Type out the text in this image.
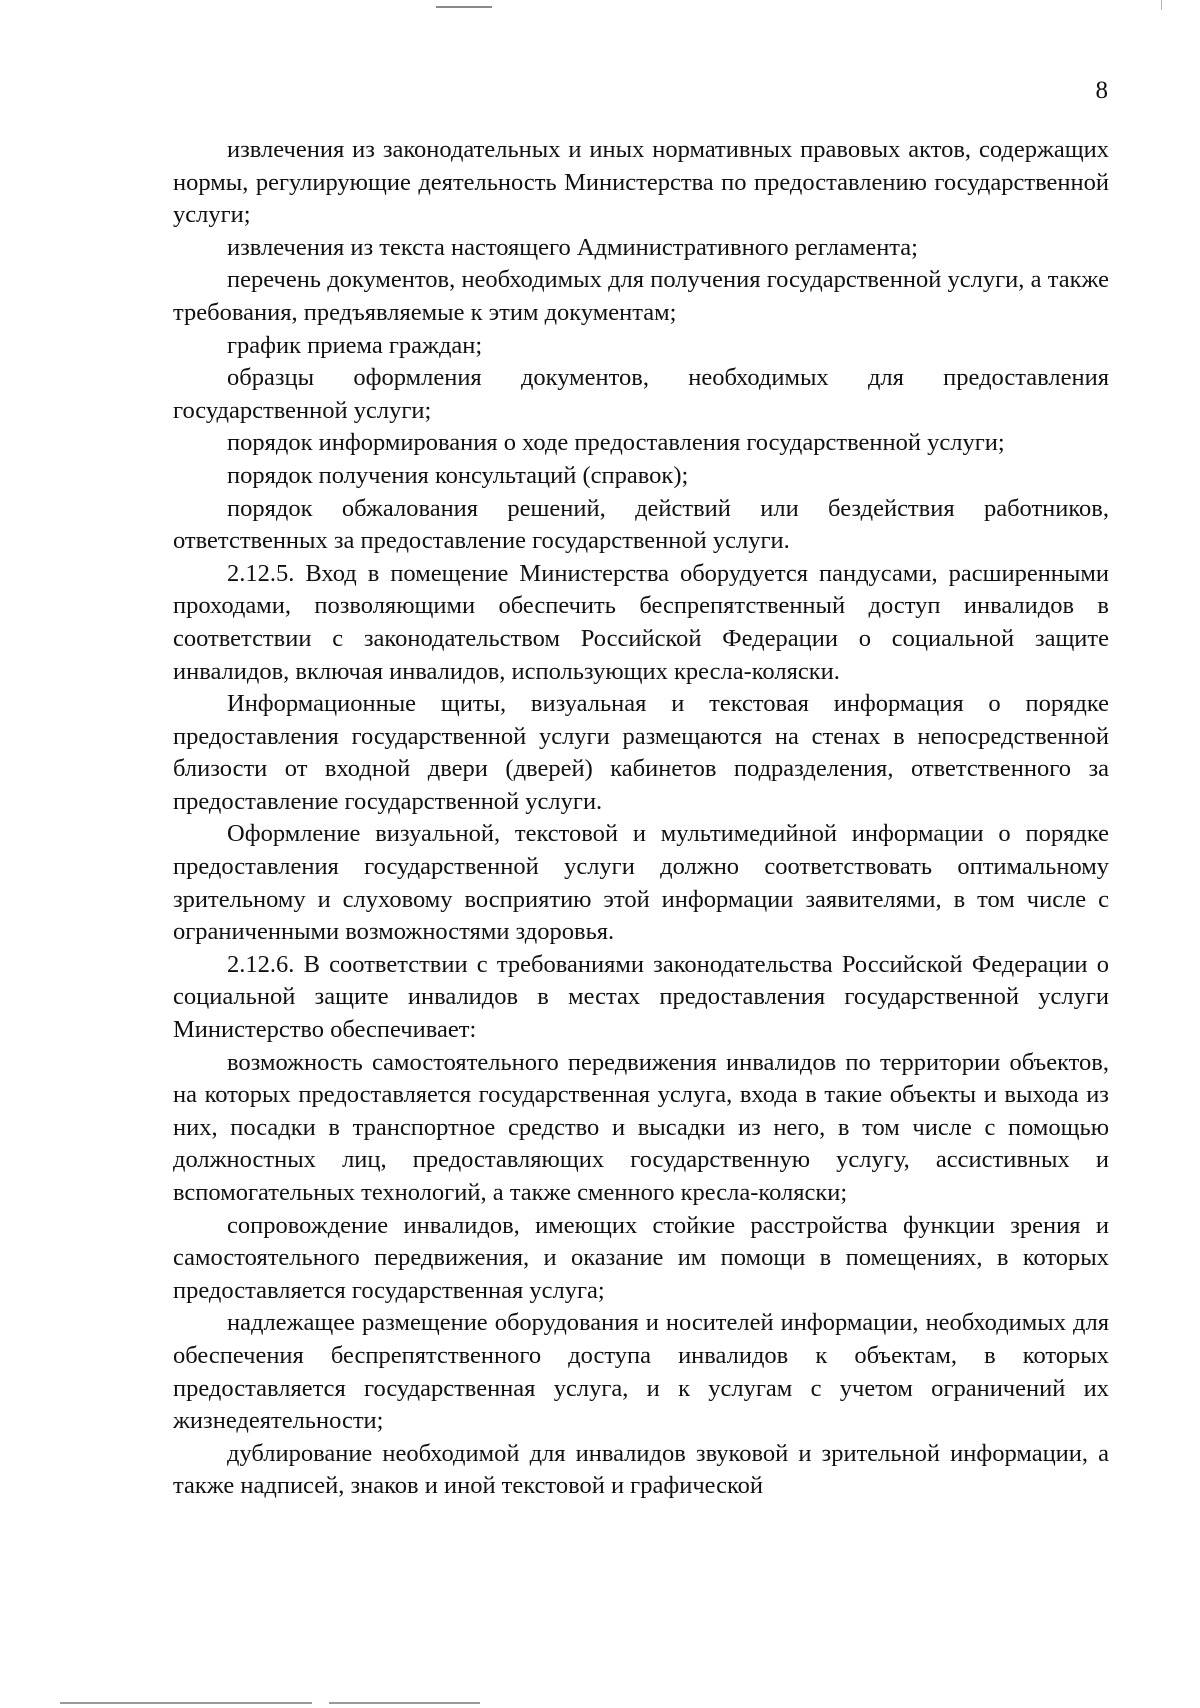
8

извлечения из законодательных и иных нормативных правовых актов, содержащих нормы, регулирующие деятельность Министерства по предоставлению государственной услуги;

извлечения из текста настоящего Административного регламента;

перечень документов, необходимых для получения государственной услуги, а также требования, предъявляемые к этим документам;

график приема граждан;

образцы оформления документов, необходимых для предоставления государственной услуги;

порядок информирования о ходе предоставления государственной услуги;

порядок получения консультаций (справок);

порядок обжалования решений, действий или бездействия работников, ответственных за предоставление государственной услуги.

2.12.5. Вход в помещение Министерства оборудуется пандусами, расширенными проходами, позволяющими обеспечить беспрепятственный доступ инвалидов в соответствии с законодательством Российской Федерации о социальной защите инвалидов, включая инвалидов, использующих кресла-коляски.

Информационные щиты, визуальная и текстовая информация о порядке предоставления государственной услуги размещаются на стенах в непосредственной близости от входной двери (дверей) кабинетов подразделения, ответственного за предоставление государственной услуги.

Оформление визуальной, текстовой и мультимедийной информации о порядке предоставления государственной услуги должно соответствовать оптимальному зрительному и слуховому восприятию этой информации заявителями, в том числе с ограниченными возможностями здоровья.

2.12.6. В соответствии с требованиями законодательства Российской Федерации о социальной защите инвалидов в местах предоставления государственной услуги Министерство обеспечивает:

возможность самостоятельного передвижения инвалидов по территории объектов, на которых предоставляется государственная услуга, входа в такие объекты и выхода из них, посадки в транспортное средство и высадки из него, в том числе с помощью должностных лиц, предоставляющих государственную услугу, ассистивных и вспомогательных технологий, а также сменного кресла-коляски;

сопровождение инвалидов, имеющих стойкие расстройства функции зрения и самостоятельного передвижения, и оказание им помощи в помещениях, в которых предоставляется государственная услуга;

надлежащее размещение оборудования и носителей информации, необходимых для обеспечения беспрепятственного доступа инвалидов к объектам, в которых предоставляется государственная услуга, и к услугам с учетом ограничений их жизнедеятельности;

дублирование необходимой для инвалидов звуковой и зрительной информации, а также надписей, знаков и иной текстовой и графической
